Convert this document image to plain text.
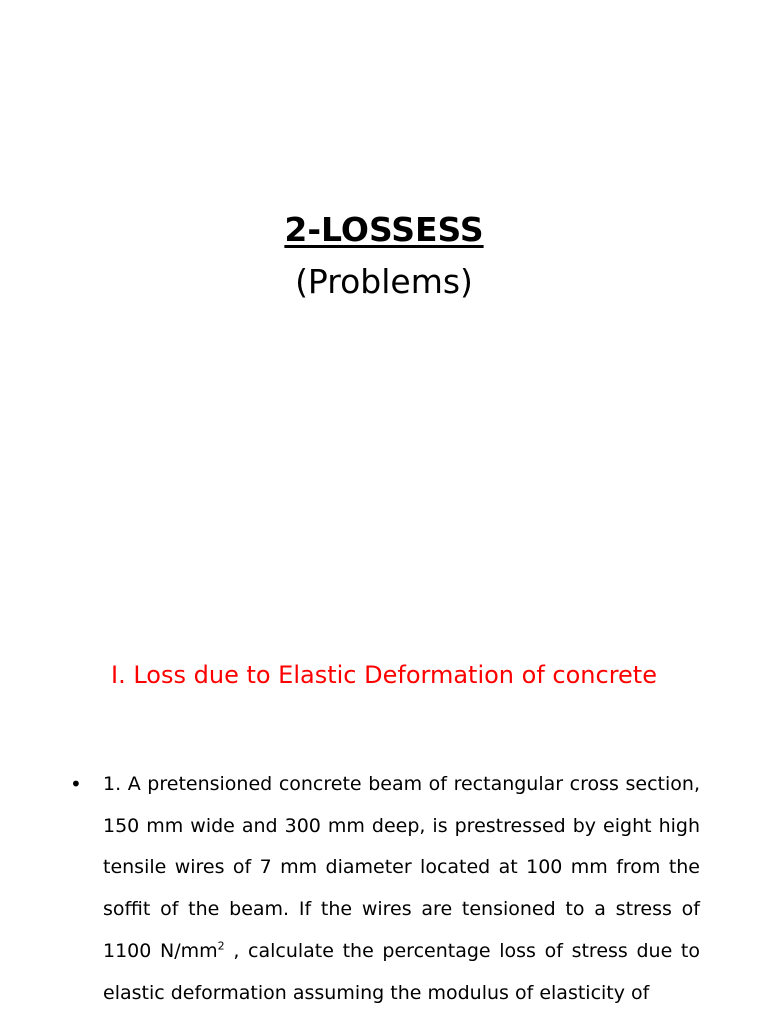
2-LOSSESS
(Problems)
I. Loss due to Elastic Deformation of concrete
• 1. A pretensioned concrete beam of rectangular cross section, 150 mm wide and 300 mm deep, is prestressed by eight high tensile wires of 7 mm diameter located at 100 mm from the soffit of the beam. If the wires are tensioned to a stress of 1100 $N/mm^2$ , calculate the percentage loss of stress due to elastic deformation assuming the modulus of elasticity of
